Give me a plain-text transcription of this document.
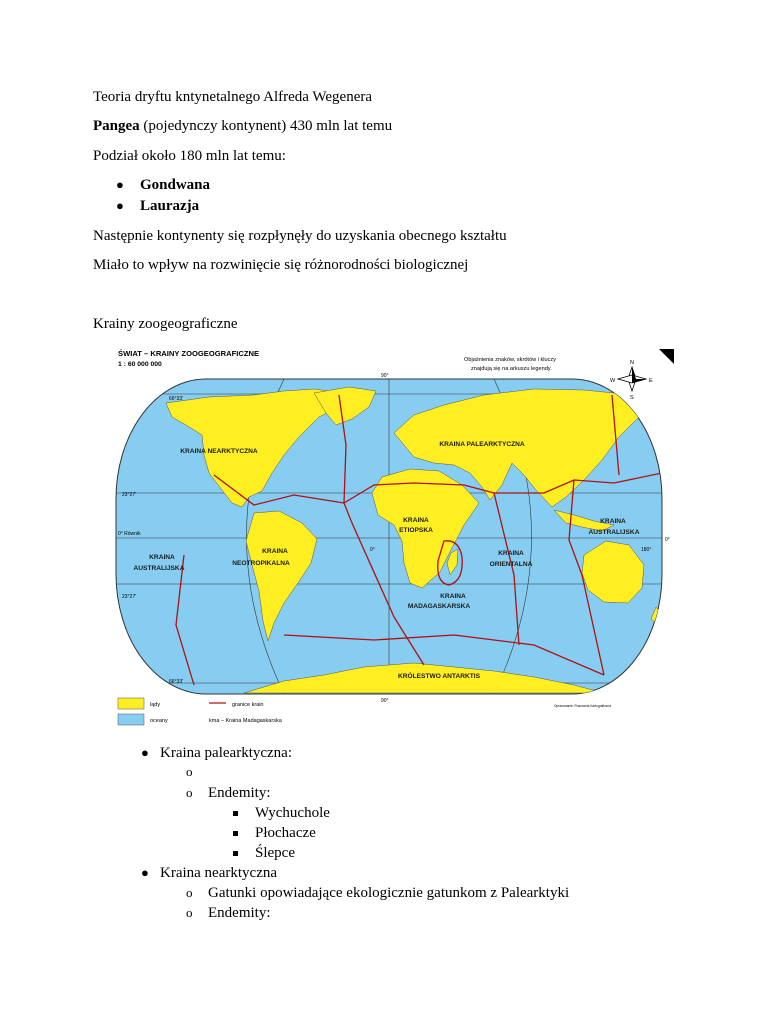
Teoria dryftu kntynetalnego Alfreda Wegenera
Pangea (pojedynczy kontynent) 430 mln lat temu
Podział około 180 mln lat temu:
● Gondwana
● Laurazja
Następnie kontynenty się rozpłynęły do uzyskania obecnego kształtu
Miało to wpływ na rozwinięcie się różnorodności biologicznej
Krainy zoogeograficzne
ŚWIAT – KRAINY ZOOGEOGRAFICZNE
1 : 60 000 000
Objaśnienia znaków, skrótów i kluczy
znajdują się na arkuszu legendy.
N
S
E
W
66°33'
23°27'
0° Równik
23°27'
66°33'
90°
0°	180°
0°
90°
KRAINA NEARKTYCZNA
KRAINA PALEARKTYCZNA
KRAINA
ETIOPSKA
KRAINA
NEOTROPIKALNA
KRAINA
AUSTRALIJSKA
KRAINA
AUSTRALIJSKA
KRAINA
ORIENTALNA
KRAINA
MADAGASKARSKA
KRÓLESTWO ANTARKTIS
lądy
oceany
granice krain
kma – Kraina Madagaskarska
Opracowanie: Pracownia Kartograficzna
● Kraina palearktyczna:
o
o Endemity:
Wychuchole
Płochacze
Ślepce
● Kraina nearktyczna
o Gatunki opowiadające ekologicznie gatunkom z Palearktyki
o Endemity:
